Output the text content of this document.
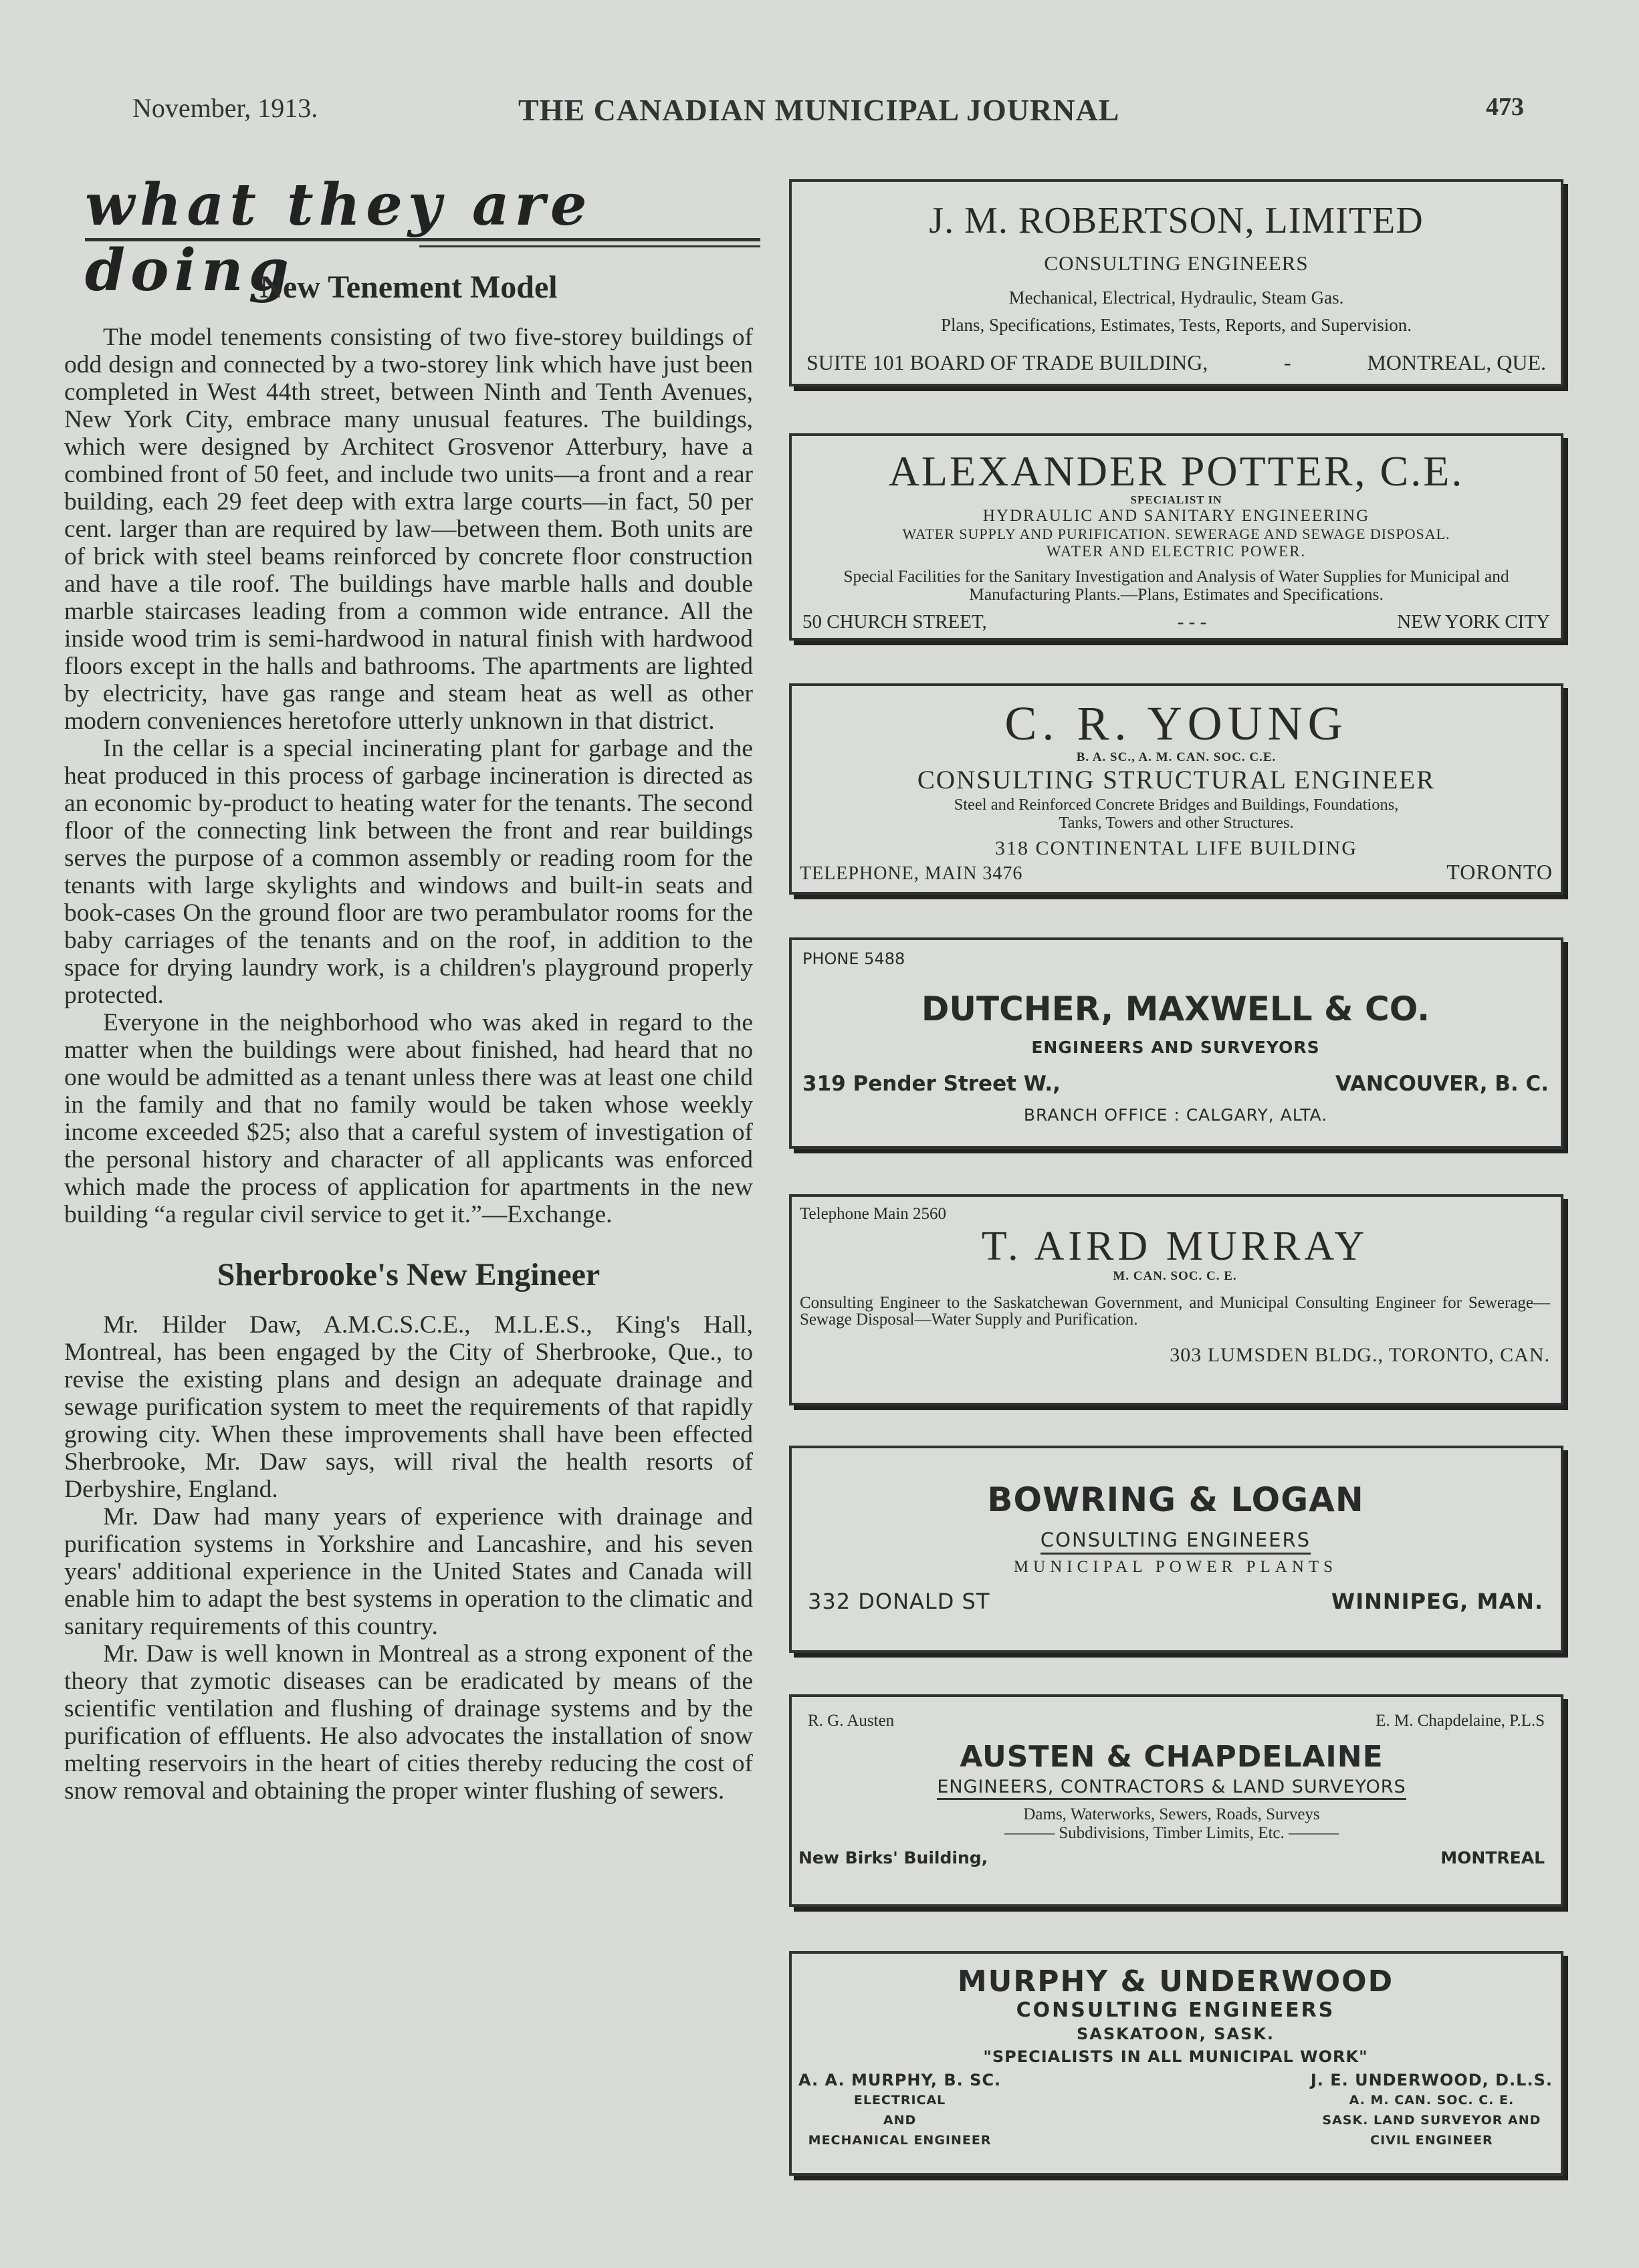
November, 1913.	THE CANADIAN MUNICIPAL JOURNAL	473
what they are doing
New Tenement Model

The model tenements consisting of two five-storey buildings of odd design and connected by a two-storey link which have just been completed in West 44th street, between Ninth and Tenth Avenues, New York City, embrace many unusual features. The buildings, which were designed by Architect Grosvenor Atterbury, have a combined front of 50 feet, and include two units—a front and a rear building, each 29 feet deep with extra large courts—in fact, 50 per cent. larger than are required by law—between them. Both units are of brick with steel beams reinforced by concrete floor construction and have a tile roof. The buildings have marble halls and double marble staircases leading from a common wide entrance. All the inside wood trim is semi-hardwood in natural finish with hardwood floors except in the halls and bathrooms. The apartments are lighted by electricity, have gas range and steam heat as well as other modern conveniences heretofore utterly unknown in that district.

In the cellar is a special incinerating plant for garbage and the heat produced in this process of garbage incineration is directed as an economic by-product to heating water for the tenants. The second floor of the connecting link between the front and rear buildings serves the purpose of a common assembly or reading room for the tenants with large skylights and windows and built-in seats and book-cases On the ground floor are two perambulator rooms for the baby carriages of the tenants and on the roof, in addition to the space for drying laundry work, is a children's playground properly protected.

Everyone in the neighborhood who was aked in regard to the matter when the buildings were about finished, had heard that no one would be admitted as a tenant unless there was at least one child in the family and that no family would be taken whose weekly income exceeded $25; also that a careful system of investigation of the personal history and character of all applicants was enforced which made the process of application for apartments in the new building “a regular civil service to get it.”—Exchange.

Sherbrooke's New Engineer

Mr. Hilder Daw, A.M.C.S.C.E., M.L.E.S., King's Hall, Montreal, has been engaged by the City of Sherbrooke, Que., to revise the existing plans and design an adequate drainage and sewage purification system to meet the requirements of that rapidly growing city. When these improvements shall have been effected Sherbrooke, Mr. Daw says, will rival the health resorts of Derbyshire, England.

Mr. Daw had many years of experience with drainage and purification systems in Yorkshire and Lancashire, and his seven years' additional experience in the United States and Canada will enable him to adapt the best systems in operation to the climatic and sanitary requirements of this country.

Mr. Daw is well known in Montreal as a strong exponent of the theory that zymotic diseases can be eradicated by means of the scientific ventilation and flushing of drainage systems and by the purification of effluents. He also advocates the installation of snow melting reservoirs in the heart of cities thereby reducing the cost of snow removal and obtaining the proper winter flushing of sewers.

J. M. ROBERTSON, LIMITED
CONSULTING ENGINEERS
Mechanical, Electrical, Hydraulic, Steam Gas.
Plans, Specifications, Estimates, Tests, Reports, and Supervision.
SUITE 101 BOARD OF TRADE BUILDING,	-	MONTREAL, QUE.
ALEXANDER POTTER, C.E.
SPECIALIST IN
HYDRAULIC AND SANITARY ENGINEERING
WATER SUPPLY AND PURIFICATION. SEWERAGE AND SEWAGE DISPOSAL.
WATER AND ELECTRIC POWER.
Special Facilities for the Sanitary Investigation and Analysis of Water Supplies for Municipal and Manufacturing Plants.—Plans, Estimates and Specifications.
50 CHURCH STREET,	- - -	NEW YORK CITY
C. R. YOUNG
B. A. SC., A. M. CAN. SOC. C.E.
CONSULTING STRUCTURAL ENGINEER
Steel and Reinforced Concrete Bridges and Buildings, Foundations,
Tanks, Towers and other Structures.
318 CONTINENTAL LIFE BUILDING
TELEPHONE, MAIN 3476	TORONTO
PHONE 5488
DUTCHER, MAXWELL & CO.
ENGINEERS AND SURVEYORS
319 Pender Street W.,	VANCOUVER, B. C.
BRANCH OFFICE : CALGARY, ALTA.
Telephone Main 2560
T. AIRD MURRAY
M. CAN. SOC. C. E.
Consulting Engineer to the Saskatchewan Government, and Municipal Consulting Engineer for Sewerage—Sewage Disposal—Water Supply and Purification.
303 LUMSDEN BLDG., TORONTO, CAN.
BOWRING & LOGAN
CONSULTING ENGINEERS
MUNICIPAL POWER PLANTS
332 DONALD ST	WINNIPEG, MAN.
R. G. Austen	E. M. Chapdelaine, P.L.S
AUSTEN & CHAPDELAINE
ENGINEERS, CONTRACTORS & LAND SURVEYORS
Dams, Waterworks, Sewers, Roads, Surveys
——— Subdivisions, Timber Limits, Etc. ———
New Birks' Building,	MONTREAL
MURPHY & UNDERWOOD
CONSULTING ENGINEERS
SASKATOON, SASK.
"SPECIALISTS IN ALL MUNICIPAL WORK"
A. A. MURPHY, B. SC.
ELECTRICAL
AND
MECHANICAL ENGINEER
J. E. UNDERWOOD, D.L.S.
A. M. CAN. SOC. C. E.
SASK. LAND SURVEYOR AND
CIVIL ENGINEER
